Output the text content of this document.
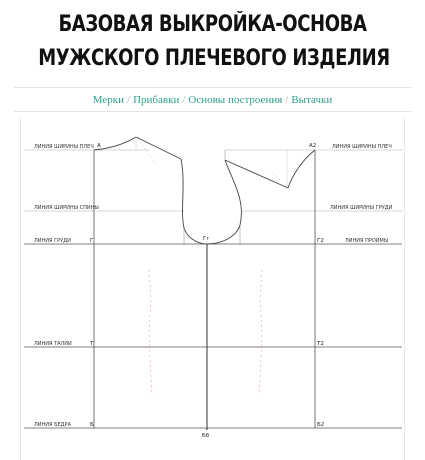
БАЗОВАЯ ВЫКРОЙКА-ОСНОВА
МУЖСКОГО ПЛЕЧЕВОГО ИЗДЕЛИЯ
Мерки / Прибавки / Основы построения / Вытачки
ЛИНИЯ ШИРИНЫ ПЛЕЧ
ЛИНИЯ ШИРИНЫ СПИНЫ
ЛИНИЯ ГРУДИ
ЛИНИЯ ТАЛИИ
ЛИНИЯ БЕДРА
ЛИНИЯ ШИРИНЫ ПЛЕЧ
ЛИНИЯ ШИРИНЫ ГРУДИ
ЛИНИЯ ПРОЙМЫ
А	А2
Г	Гг	Г2
Т	Т2
Б	Б2
Бб
